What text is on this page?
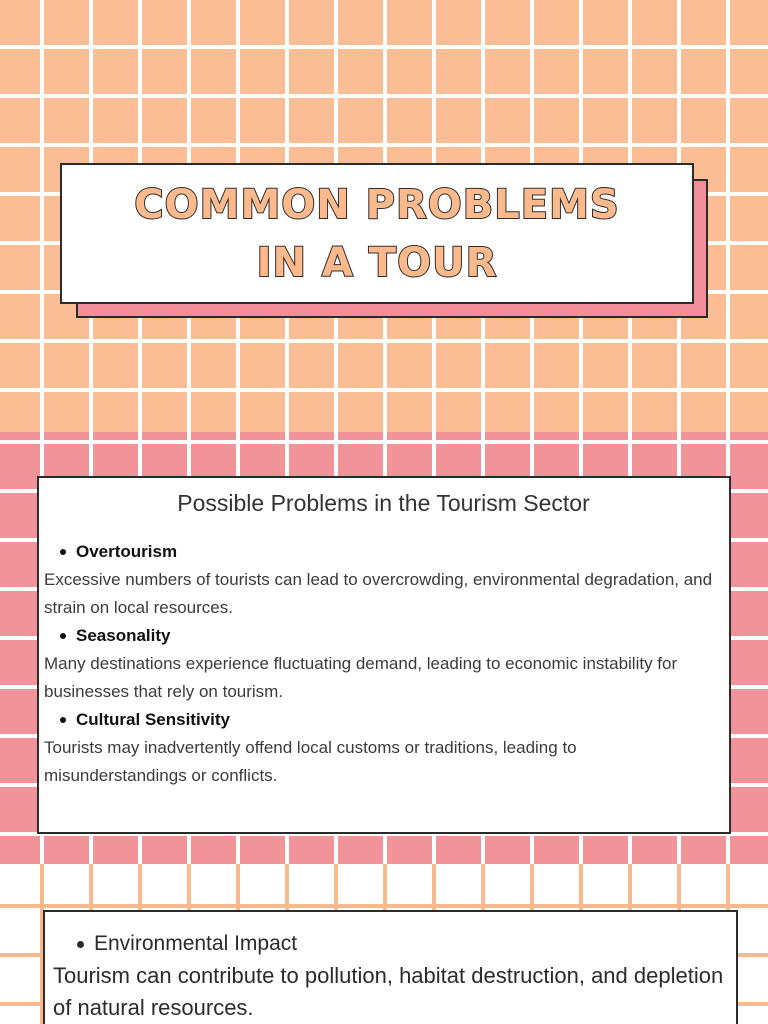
COMMON PROBLEMS IN A TOUR
Possible Problems in the Tourism Sector
Overtourism
Excessive numbers of tourists can lead to overcrowding, environmental degradation, and strain on local resources.
Seasonality
Many destinations experience fluctuating demand, leading to economic instability for businesses that rely on tourism.
Cultural Sensitivity
Tourists may inadvertently offend local customs or traditions, leading to misunderstandings or conflicts.
Environmental Impact
Tourism can contribute to pollution, habitat destruction, and depletion of natural resources.
